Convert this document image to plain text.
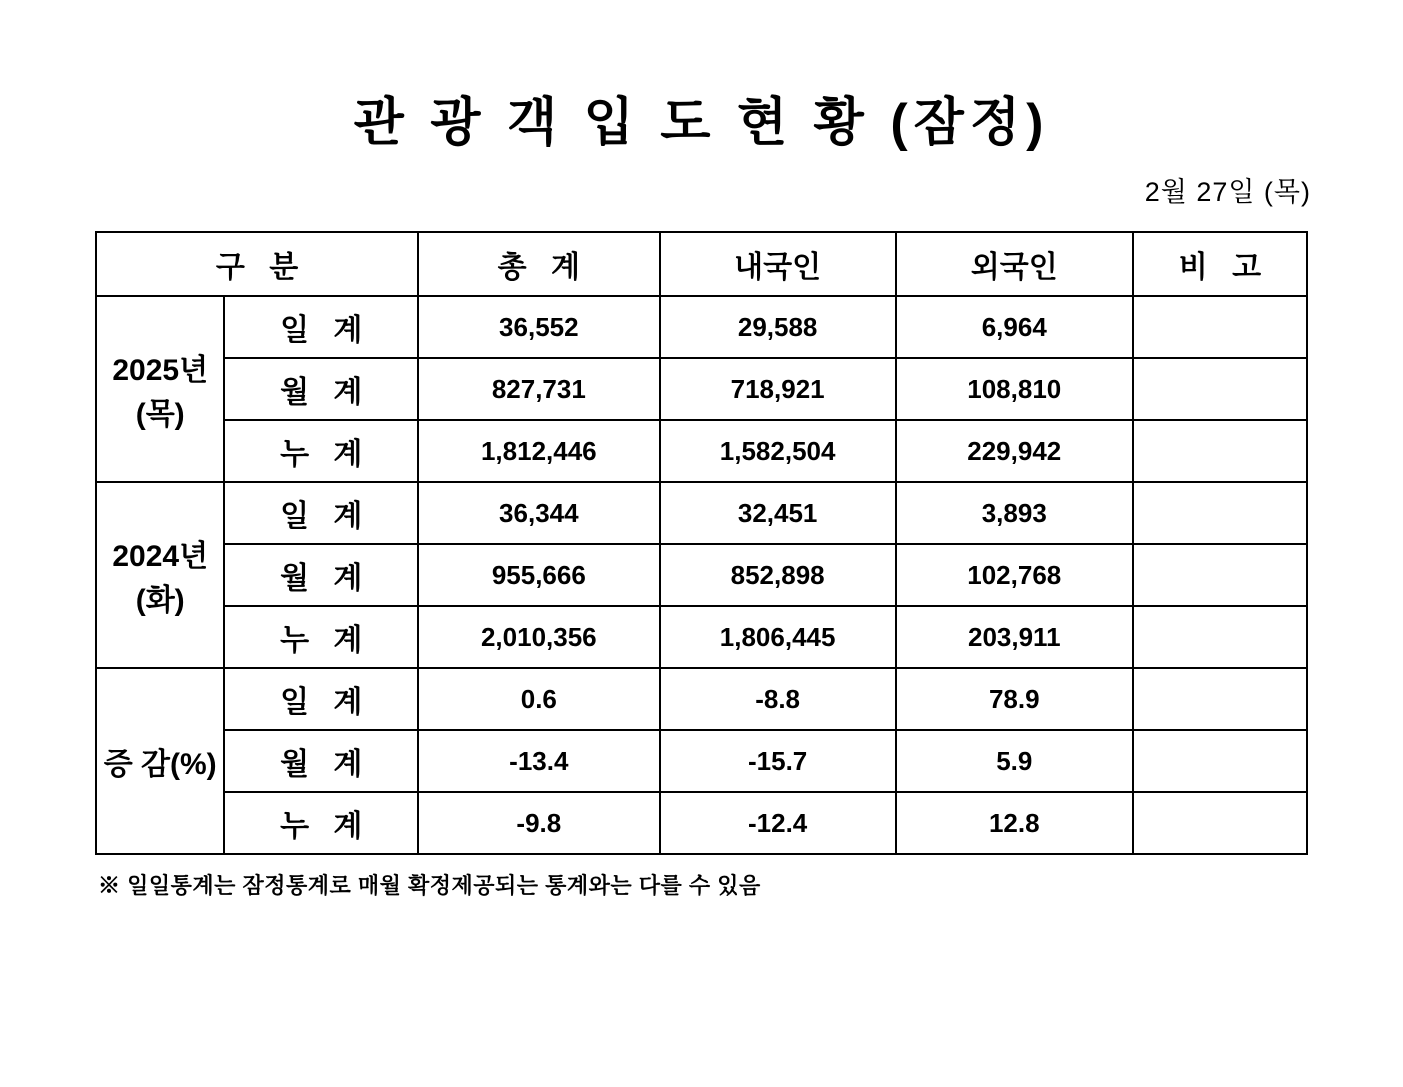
관 광 객 입 도 현 황 (잠정)
2월 27일 (목)
구 분		총 계	내국인	외국인	비 고
2025년(목)	일 계	36,552	29,588	6,964	
	월 계	827,731	718,921	108,810	
	누 계	1,812,446	1,582,504	229,942	
2024년(화)	일 계	36,344	32,451	3,893	
	월 계	955,666	852,898	102,768	
	누 계	2,010,356	1,806,445	203,911	
증 감(%)	일 계	0.6	-8.8	78.9	
	월 계	-13.4	-15.7	5.9	
	누 계	-9.8	-12.4	12.8	
※ 일일통계는 잠정통계로 매월 확정제공되는 통계와는 다를 수 있음
